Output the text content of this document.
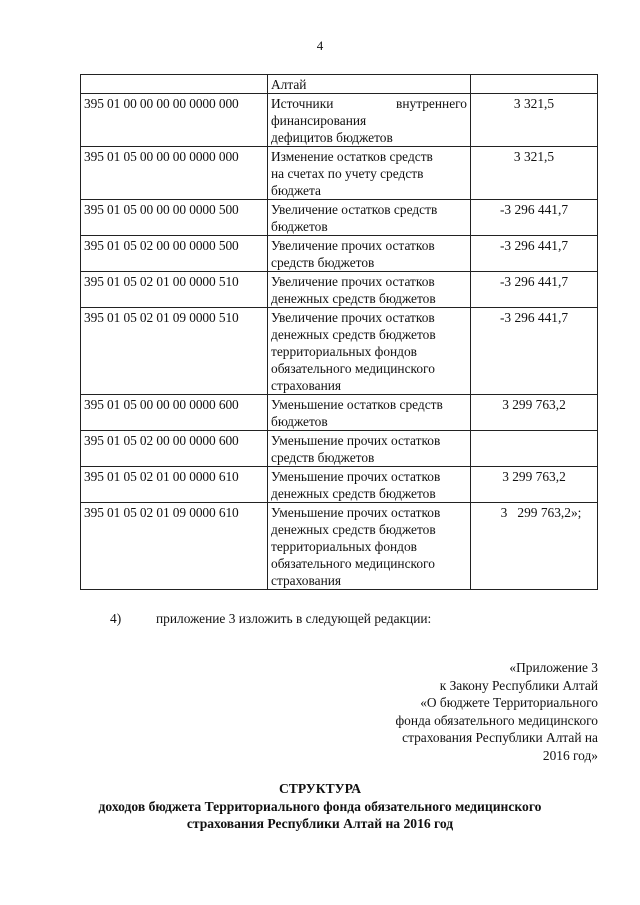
4

	Алтай	

395 01 00 00 00 00 0000 000	Источники внутреннего
финансирования
дефицитов бюджетов	3 321,5
395 01 05 00 00 00 0000 000	Изменение остатков средств
на счетах по учету средств
бюджета	3 321,5
395 01 05 00 00 00 0000 500	Увеличение остатков средств
бюджетов	-3 296 441,7
395 01 05 02 00 00 0000 500	Увеличение прочих остатков
средств бюджетов	-3 296 441,7
395 01 05 02 01 00 0000 510	Увеличение прочих остатков
денежных средств бюджетов	-3 296 441,7
395 01 05 02 01 09 0000 510	Увеличение прочих остатков
денежных средств бюджетов
территориальных фондов
обязательного медицинского
страхования	-3 296 441,7
395 01 05 00 00 00 0000 600	Уменьшение остатков средств
бюджетов	3 299 763,2
395 01 05 02 00 00 0000 600	Уменьшение прочих остатков
средств бюджетов	

395 01 05 02 01 00 0000 610	Уменьшение прочих остатков
денежных средств бюджетов	3 299 763,2
395 01 05 02 01 09 0000 610	Уменьшение прочих остатков
денежных средств бюджетов
территориальных фондов
обязательного медицинского
страхования	3   299 763,2»;
4)	приложение 3 изложить в следующей редакции:
«Приложение 3
к Закону Республики Алтай
«О бюджете Территориального
фонда обязательного медицинского
страхования Республики Алтай на
2016 год»
СТРУКТУРА
доходов бюджета Территориального фонда обязательного медицинского
страхования Республики Алтай на 2016 год
